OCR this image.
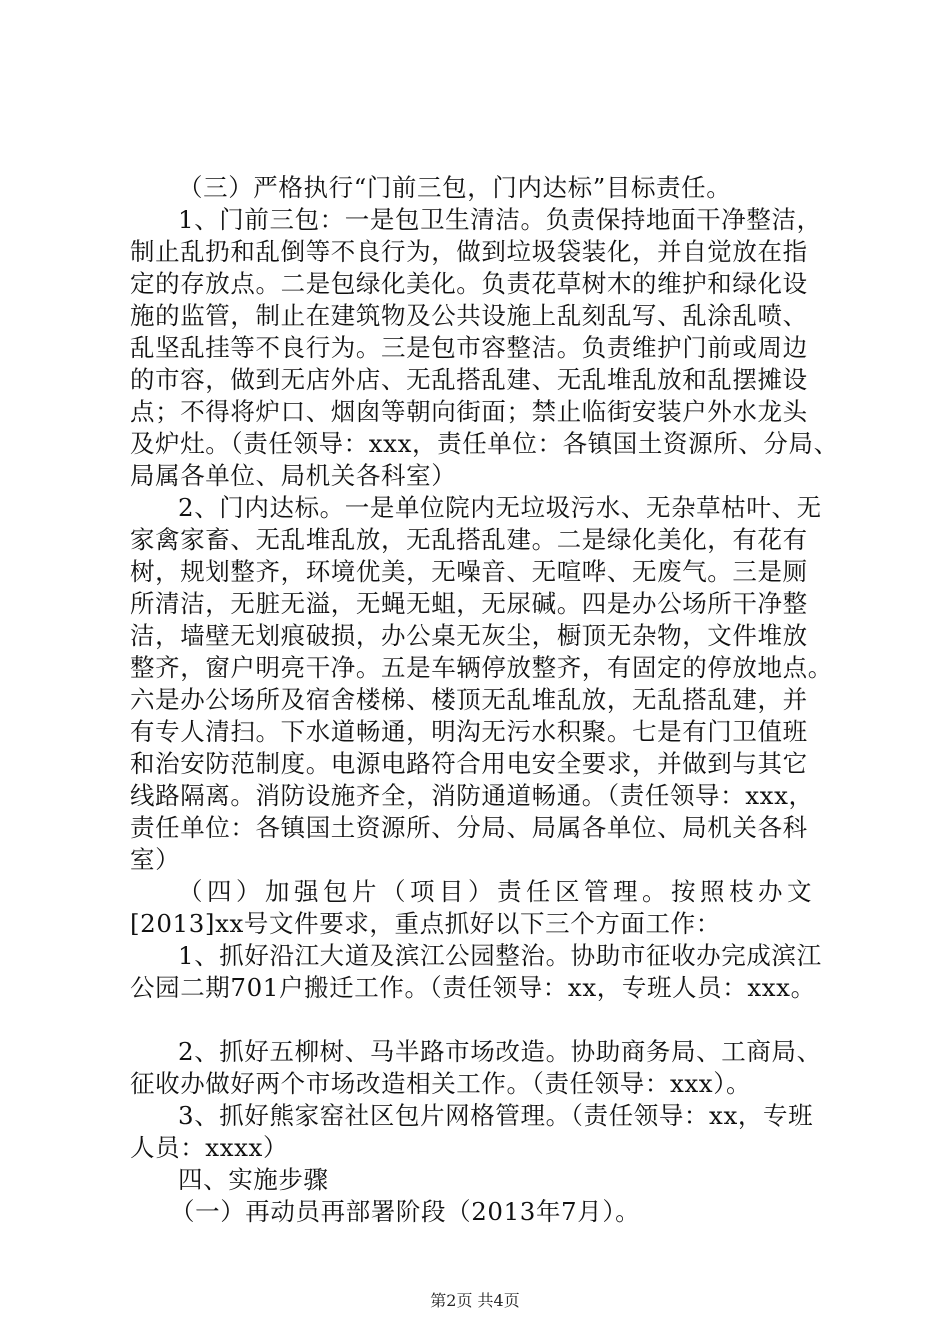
（三）严格执行“门前三包，门内达标”目标责任。
1、门前三包：一是包卫生清洁。负责保持地面干净整洁，
制止乱扔和乱倒等不良行为，做到垃圾袋装化，并自觉放在指
定的存放点。二是包绿化美化。负责花草树木的维护和绿化设
施的监管，制止在建筑物及公共设施上乱刻乱写、乱涂乱喷、
乱坚乱挂等不良行为。三是包市容整洁。负责维护门前或周边
的市容，做到无店外店、无乱搭乱建、无乱堆乱放和乱摆摊设
点；不得将炉口、烟囱等朝向街面；禁止临街安装户外水龙头
及炉灶。（责任领导：xxx，责任单位：各镇国土资源所、分局、
局属各单位、局机关各科室）
2、门内达标。一是单位院内无垃圾污水、无杂草枯叶、无
家禽家畜、无乱堆乱放，无乱搭乱建。二是绿化美化，有花有
树，规划整齐，环境优美，无噪音、无喧哗、无废气。三是厕
所清洁，无脏无溢，无蝇无蛆，无尿碱。四是办公场所干净整
洁，墙壁无划痕破损，办公桌无灰尘，橱顶无杂物，文件堆放
整齐，窗户明亮干净。五是车辆停放整齐，有固定的停放地点。
六是办公场所及宿舍楼梯、楼顶无乱堆乱放，无乱搭乱建，并
有专人清扫。下水道畅通，明沟无污水积聚。七是有门卫值班
和治安防范制度。电源电路符合用电安全要求，并做到与其它
线路隔离。消防设施齐全，消防通道畅通。（责任领导：xxx，
责任单位：各镇国土资源所、分局、局属各单位、局机关各科
室）
（四）加强包片（项目）责任区管理。按照枝办文
[2013]xx号文件要求，重点抓好以下三个方面工作：
1、抓好沿江大道及滨江公园整治。协助市征收办完成滨江
公园二期701户搬迁工作。（责任领导：xx，专班人员：xxx。
2、抓好五柳树、马半路市场改造。协助商务局、工商局、
征收办做好两个市场改造相关工作。（责任领导：xxx）。
3、抓好熊家窑社区包片网格管理。（责任领导：xx，专班
人员：xxxx）
四、实施步骤
（一）再动员再部署阶段（2013年7月）。
第2页 共4页
